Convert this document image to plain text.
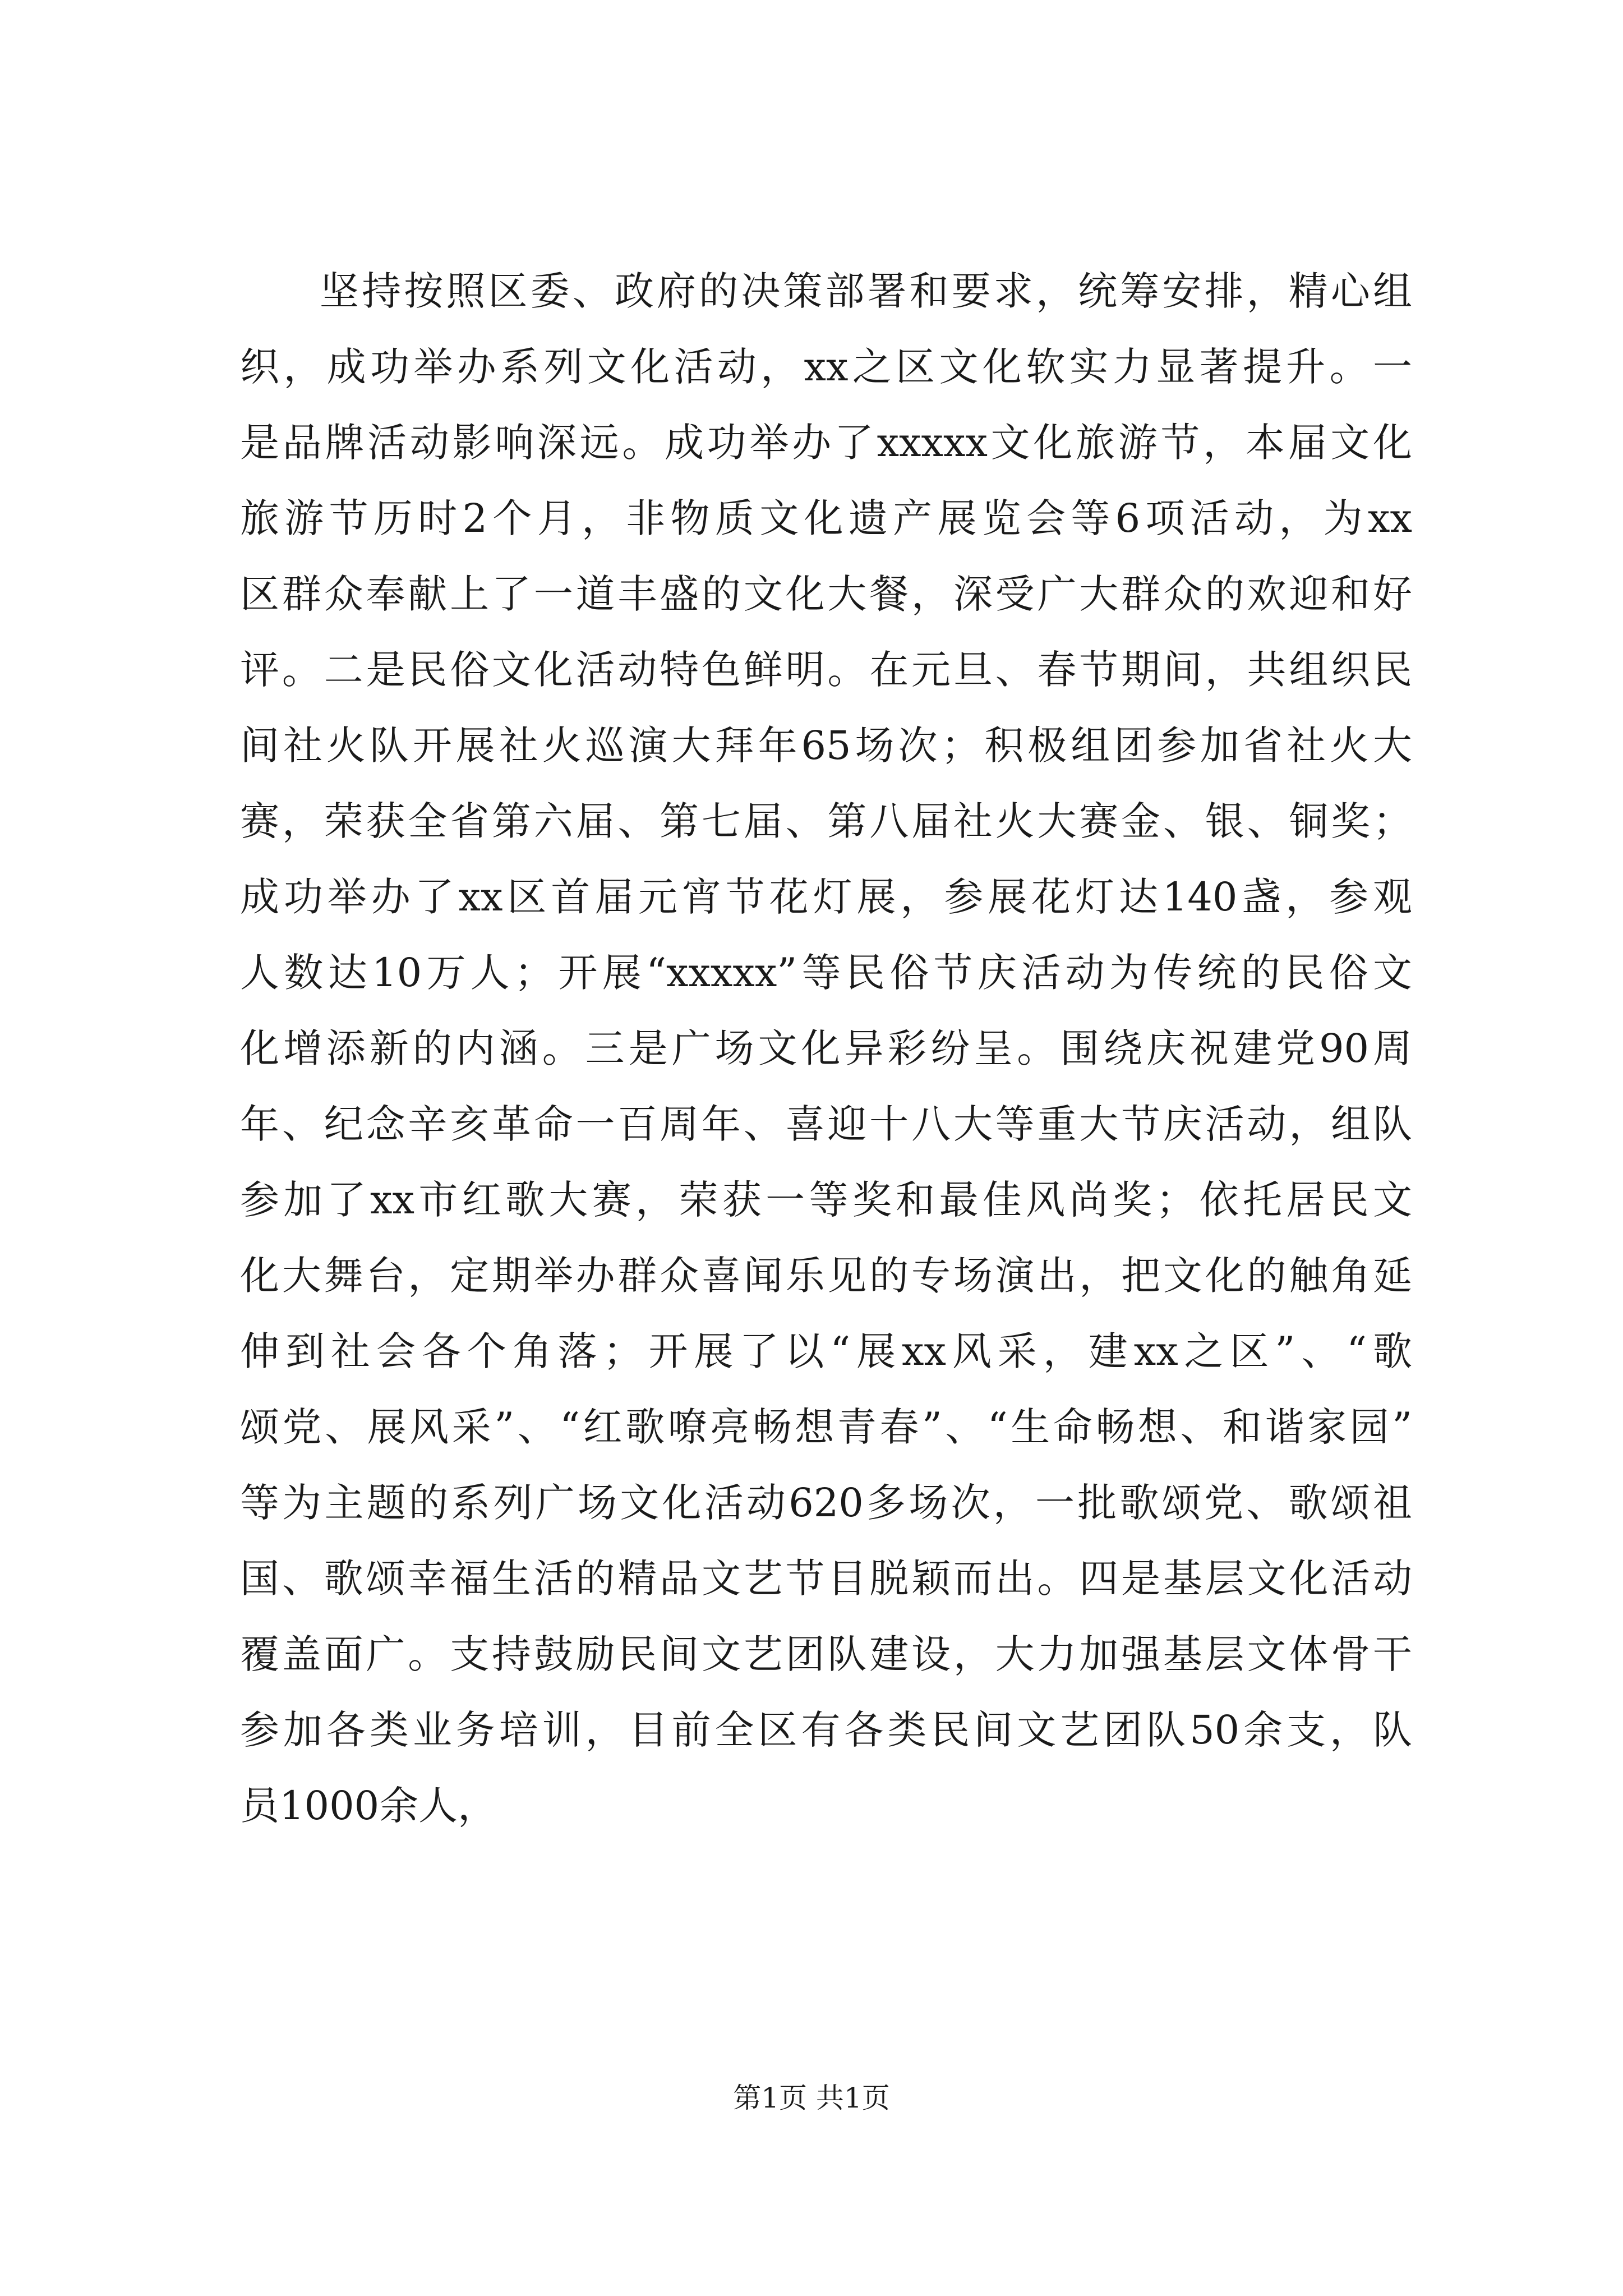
坚持按照区委、政府的决策部署和要求，统筹安排，精心组
织，成功举办系列文化活动，xx之区文化软实力显著提升。一
是品牌活动影响深远。成功举办了xxxxx文化旅游节，本届文化
旅游节历时2个月，非物质文化遗产展览会等6项活动，为xx
区群众奉献上了一道丰盛的文化大餐，深受广大群众的欢迎和好
评。二是民俗文化活动特色鲜明。在元旦、春节期间，共组织民
间社火队开展社火巡演大拜年65场次；积极组团参加省社火大
赛，荣获全省第六届、第七届、第八届社火大赛金、银、铜奖；
成功举办了xx区首届元宵节花灯展，参展花灯达140盏，参观
人数达10万人；开展“xxxxx”等民俗节庆活动为传统的民俗文
化增添新的内涵。三是广场文化异彩纷呈。围绕庆祝建党90周
年、纪念辛亥革命一百周年、喜迎十八大等重大节庆活动，组队
参加了xx市红歌大赛，荣获一等奖和最佳风尚奖；依托居民文
化大舞台，定期举办群众喜闻乐见的专场演出，把文化的触角延
伸到社会各个角落；开展了以“展xx风采，建xx之区”、“歌
颂党、展风采”、“红歌嘹亮畅想青春”、“生命畅想、和谐家园”
等为主题的系列广场文化活动620多场次，一批歌颂党、歌颂祖
国、歌颂幸福生活的精品文艺节目脱颖而出。四是基层文化活动
覆盖面广。支持鼓励民间文艺团队建设，大力加强基层文体骨干
参加各类业务培训，目前全区有各类民间文艺团队50余支，队
员1000余人，
第1页 共1页
